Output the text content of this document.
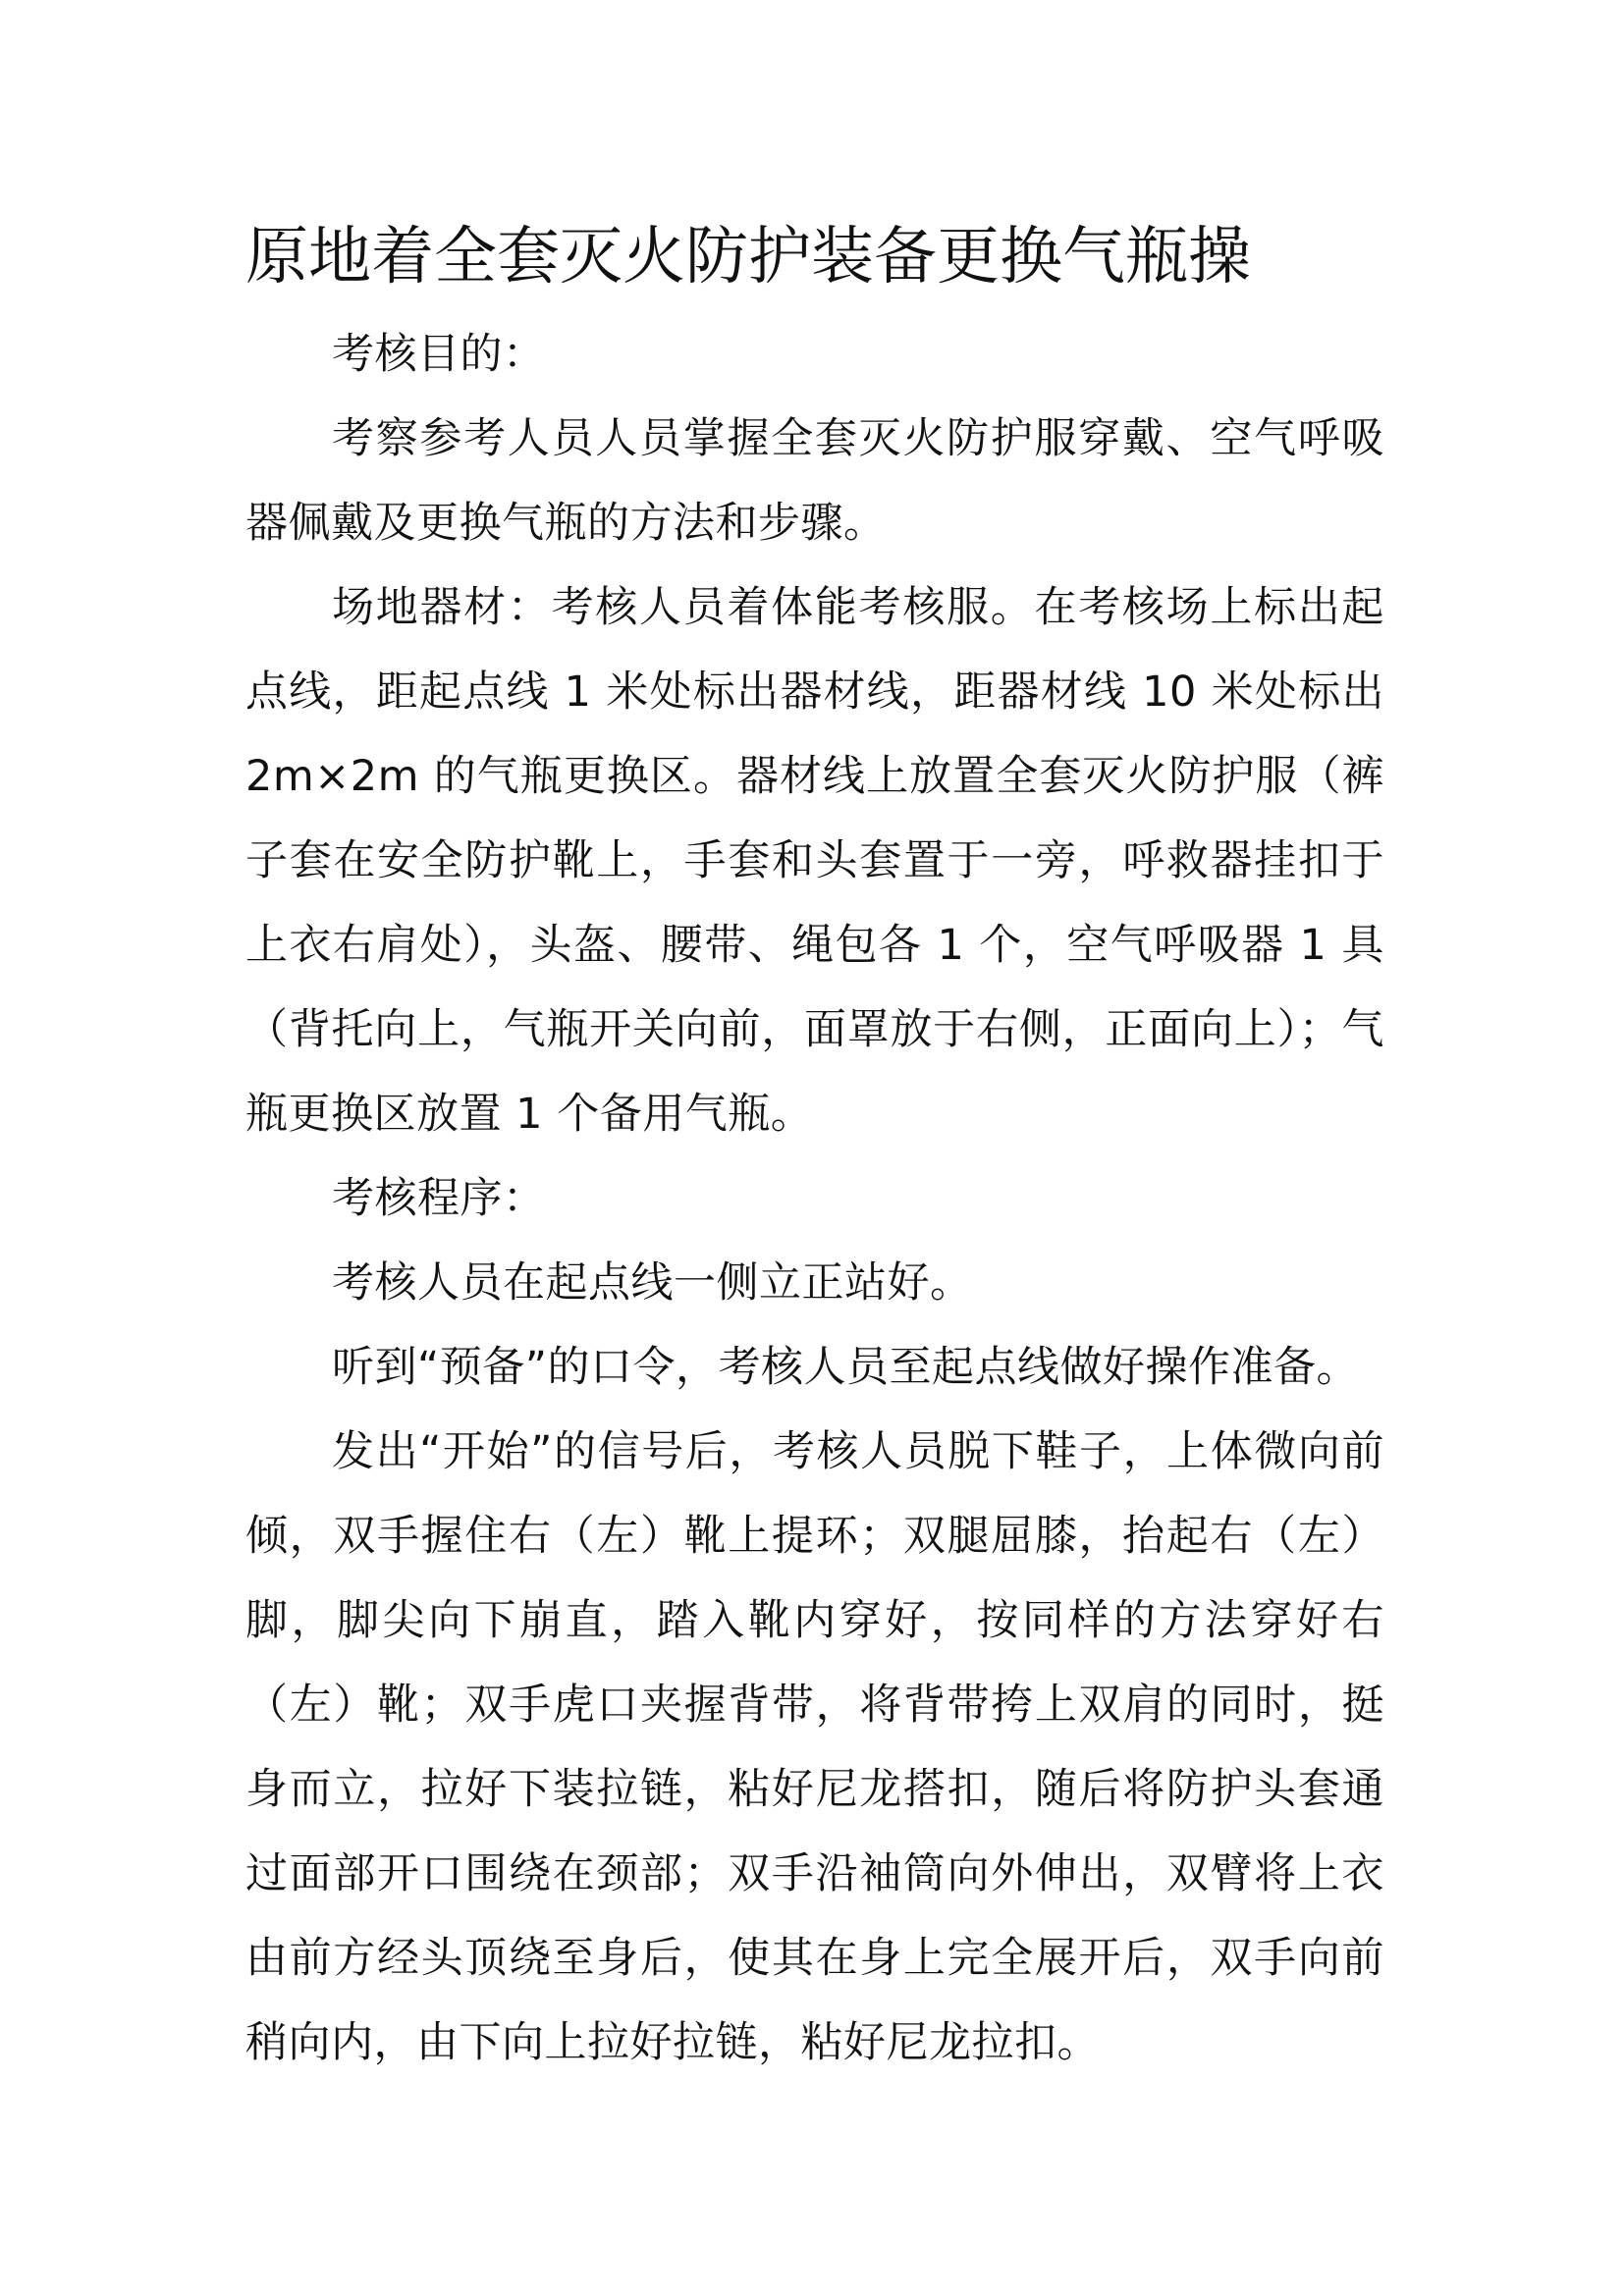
原地着全套灭火防护装备更换气瓶操

考核目的：

考察参考人员人员掌握全套灭火防护服穿戴、空气呼吸器佩戴及更换气瓶的方法和步骤。

场地器材：考核人员着体能考核服。在考核场上标出起点线，距起点线 1 米处标出器材线，距器材线 10 米处标出 2m×2m 的气瓶更换区。器材线上放置全套灭火防护服（裤子套在安全防护靴上，手套和头套置于一旁，呼救器挂扣于上衣右肩处），头盔、腰带、绳包各 1 个，空气呼吸器 1 具（背托向上，气瓶开关向前，面罩放于右侧，正面向上）；气瓶更换区放置 1 个备用气瓶。

考核程序：

考核人员在起点线一侧立正站好。

听到“预备”的口令，考核人员至起点线做好操作准备。

发出“开始”的信号后，考核人员脱下鞋子，上体微向前倾，双手握住右（左）靴上提环；双腿屈膝，抬起右（左）脚，脚尖向下崩直，踏入靴内穿好，按同样的方法穿好右（左）靴；双手虎口夹握背带，将背带挎上双肩的同时，挺身而立，拉好下装拉链，粘好尼龙搭扣，随后将防护头套通过面部开口围绕在颈部；双手沿袖筒向外伸出，双臂将上衣由前方经头顶绕至身后，使其在身上完全展开后，双手向前稍向内，由下向上拉好拉链，粘好尼龙拉扣。
